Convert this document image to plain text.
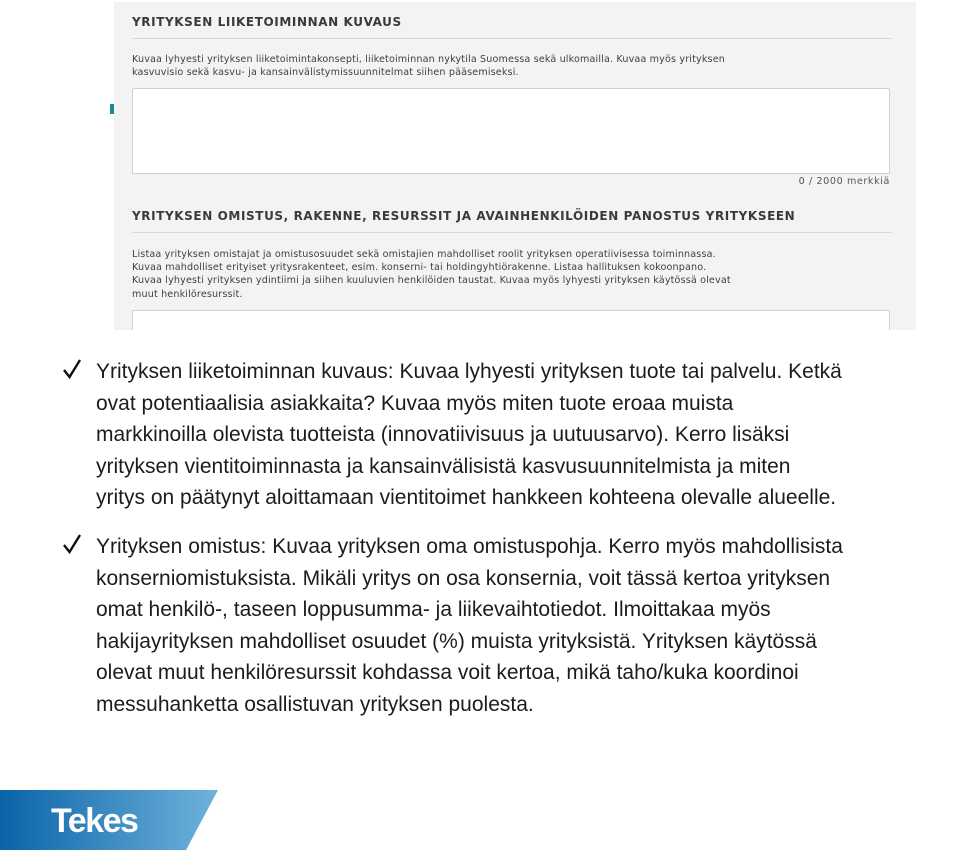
YRITYKSEN LIIKETOIMINNAN KUVAUS

Kuvaa lyhyesti yrityksen liiketoimintakonsepti, liiketoiminnan nykytila Suomessa sekä ulkomailla. Kuvaa myös yrityksen
kasvuvisio sekä kasvu- ja kansainvälistymissuunnitelmat siihen pääsemiseksi.

0 / 2000 merkkiä

YRITYKSEN OMISTUS, RAKENNE, RESURSSIT JA AVAINHENKILÖIDEN PANOSTUS YRITYKSEEN

Listaa yrityksen omistajat ja omistusosuudet sekä omistajien mahdolliset roolit yrityksen operatiivisessa toiminnassa.
Kuvaa mahdolliset erityiset yritysrakenteet, esim. konserni- tai holdingyhtiörakenne. Listaa hallituksen kokoonpano.
Kuvaa lyhyesti yrityksen ydintiimi ja siihen kuuluvien henkilöiden taustat. Kuvaa myös lyhyesti yrityksen käytössä olevat
muut henkilöresurssit.

Yrityksen liiketoiminnan kuvaus: Kuvaa lyhyesti yrityksen tuote tai palvelu. Ketkä
ovat potentiaalisia asiakkaita? Kuvaa myös miten tuote eroaa muista
markkinoilla olevista tuotteista (innovatiivisuus ja uutuusarvo). Kerro lisäksi
yrityksen vientitoiminnasta ja kansainvälisistä kasvusuunnitelmista ja miten
yritys on päätynyt aloittamaan vientitoimet hankkeen kohteena olevalle alueelle.
Yrityksen omistus: Kuvaa yrityksen oma omistuspohja. Kerro myös mahdollisista
konserniomistuksista. Mikäli yritys on osa konsernia, voit tässä kertoa yrityksen
omat henkilö-, taseen loppusumma- ja liikevaihtotiedot. Ilmoittakaa myös
hakijayrityksen mahdolliset osuudet (%) muista yrityksistä. Yrityksen käytössä
olevat muut henkilöresurssit kohdassa voit kertoa, mikä taho/kuka koordinoi
messuhanketta osallistuvan yrityksen puolesta.
Tekes
